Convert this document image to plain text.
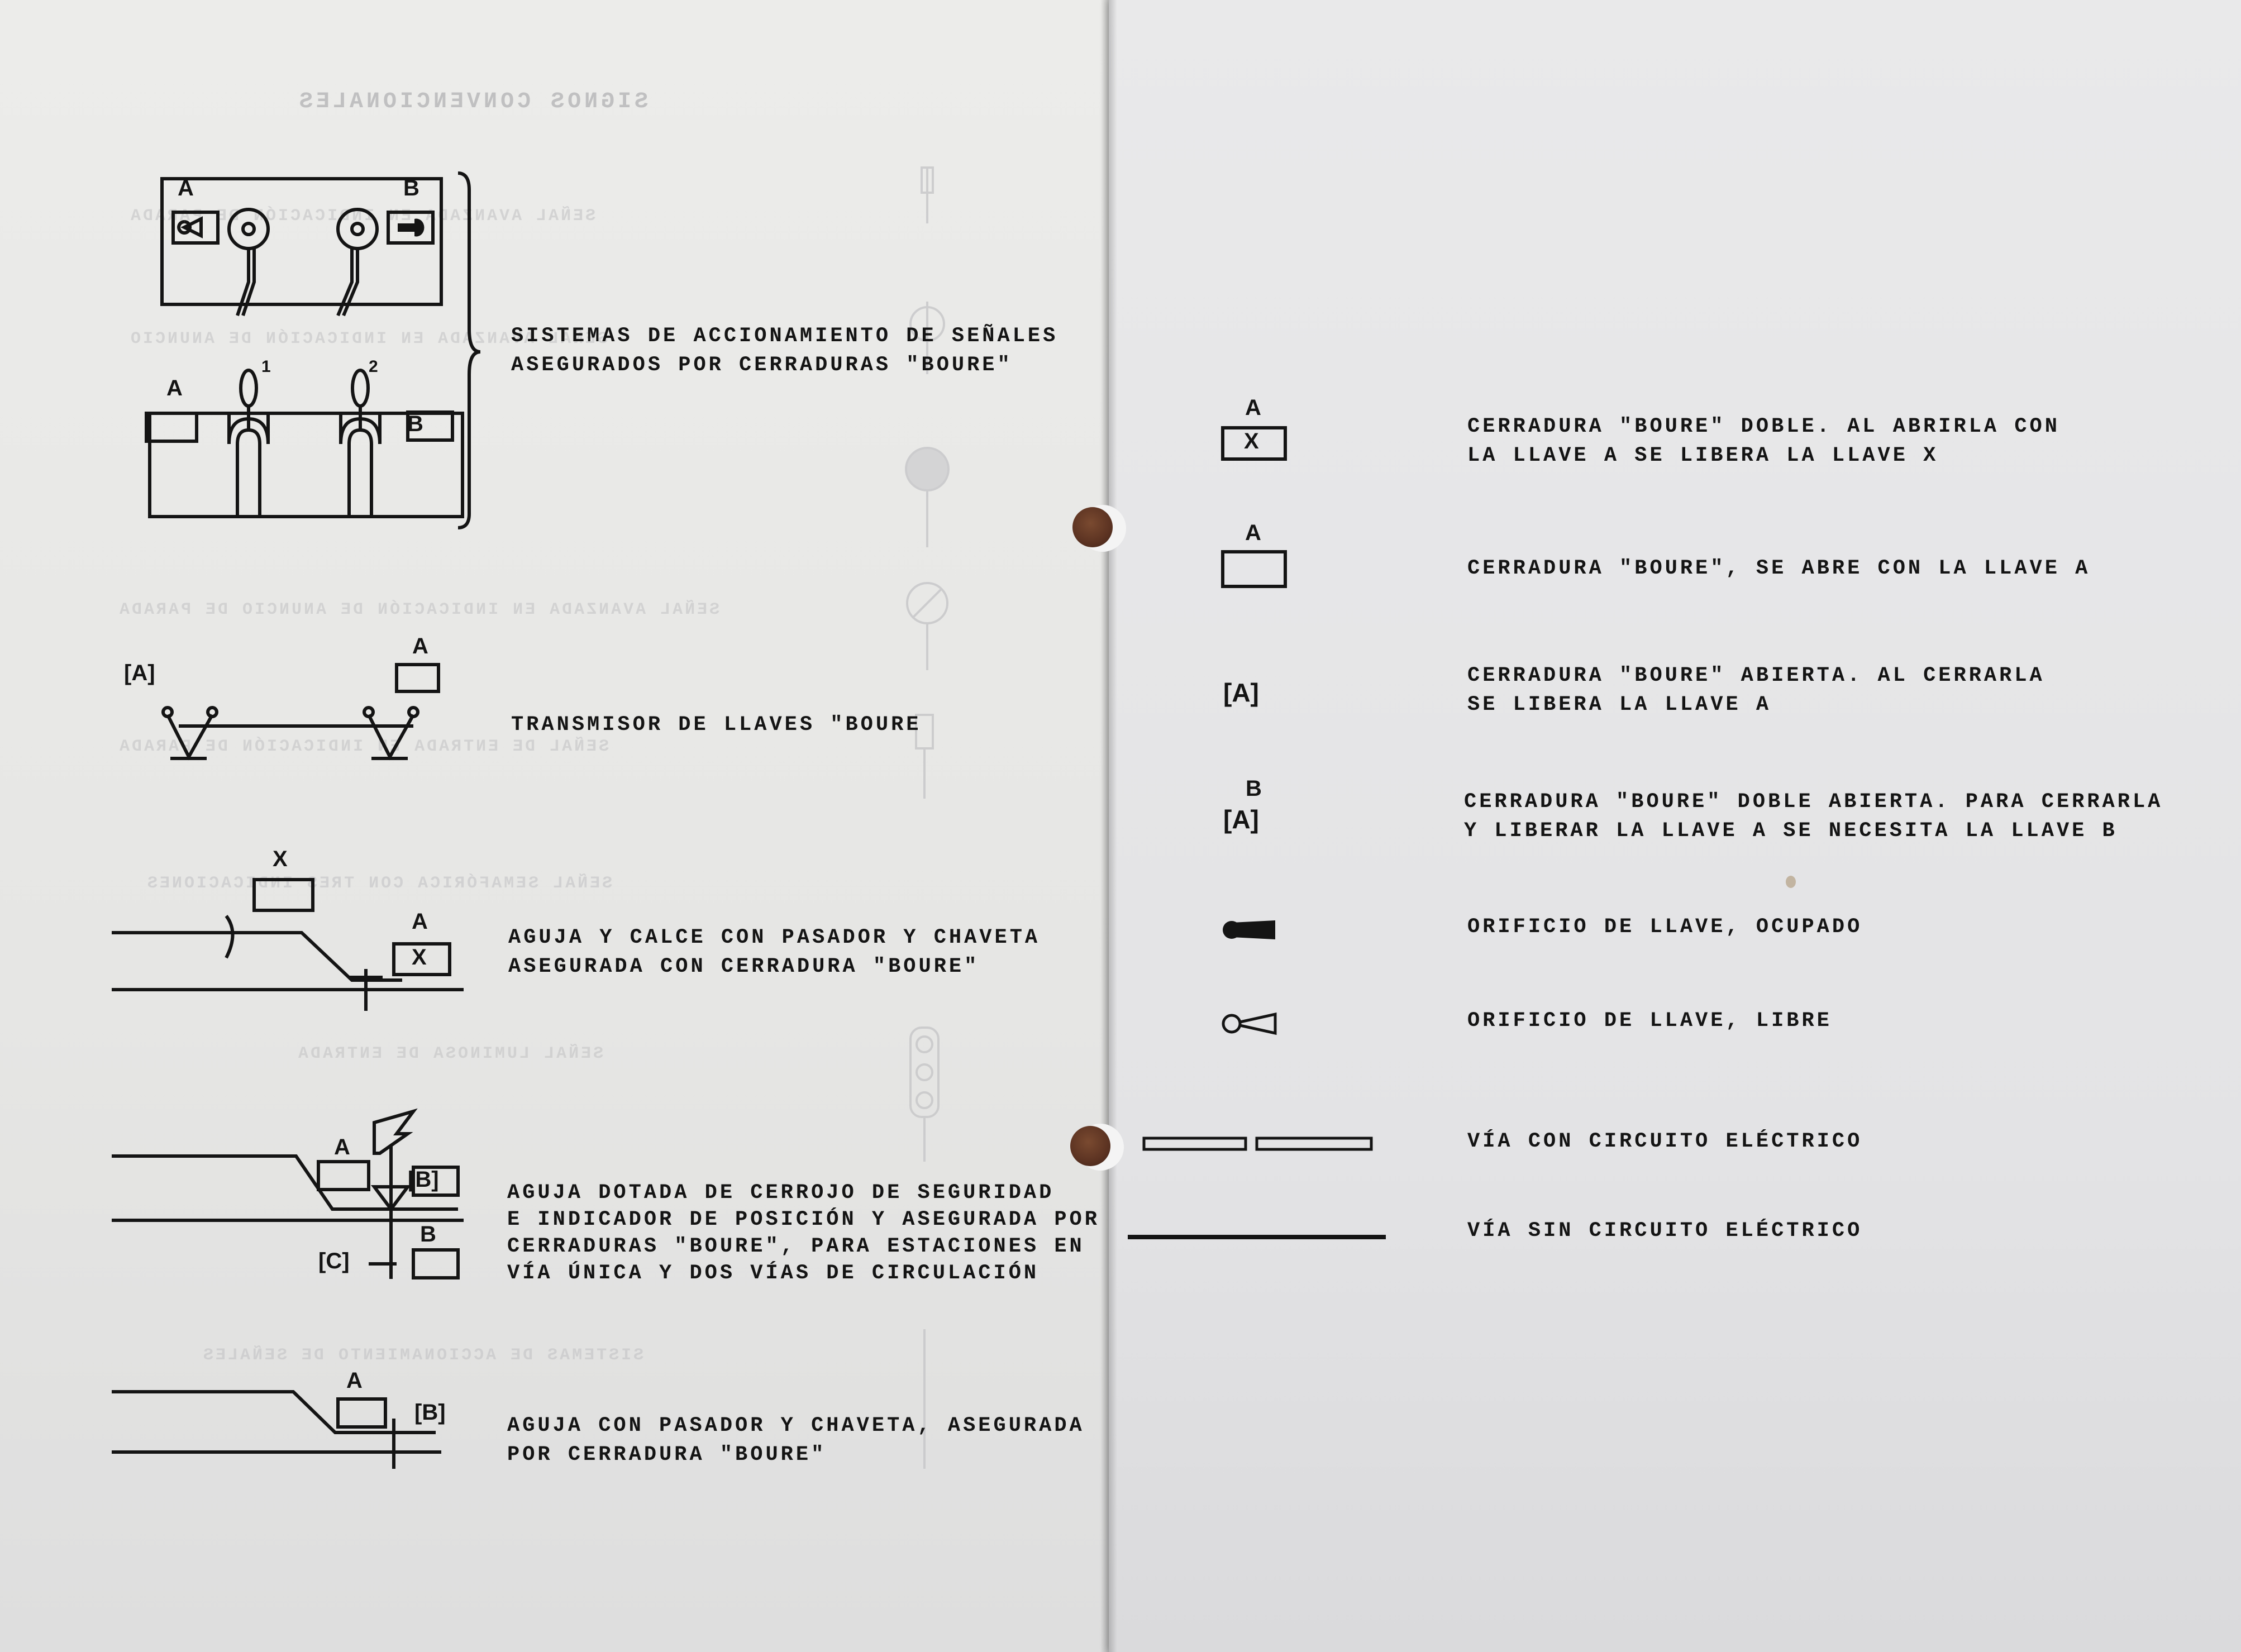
SIGNOS CONVENCIONALES
SEÑAL AVANZADA EN INDICACIÓN DE PARADA
SEÑAL AVANZADA EN INDICACIÓN DE ANUNCIO
SEÑAL AVANZADA EN INDICACIÓN DE ANUNCIO DE PARADA
SEÑAL DE ENTRADA EN INDICACIÓN DE PARADA
SEÑAL SEMAFÓRICA CON TRES INDICACIONES
SEÑAL LUMINOSA DE ENTRADA
SISTEMAS DE ACCIONAMIENTO DE SEÑALES
A	B
A
B
1	2
SISTEMAS DE ACCIONAMIENTO DE SEÑALES
ASEGURADOS POR CERRADURAS "BOURE"
[A]
A
TRANSMISOR DE LLAVES "BOURE
X
A
X
AGUJA Y CALCE CON PASADOR Y CHAVETA
ASEGURADA CON CERRADURA "BOURE"
A
[B]
B
[C]
AGUJA DOTADA DE CERROJO DE SEGURIDAD
E INDICADOR DE POSICIÓN Y ASEGURADA POR
CERRADURAS "BOURE", PARA ESTACIONES EN
VÍA ÚNICA Y DOS VÍAS DE CIRCULACIÓN
A
[B]
AGUJA CON PASADOR Y CHAVETA, ASEGURADA
POR CERRADURA "BOURE"
A
X
CERRADURA "BOURE" DOBLE. AL ABRIRLA CON
LA LLAVE A SE LIBERA LA LLAVE X
A
CERRADURA "BOURE", SE ABRE CON LA LLAVE A
[A]
CERRADURA "BOURE" ABIERTA. AL CERRARLA
SE LIBERA LA LLAVE A
B
[A]
CERRADURA "BOURE" DOBLE ABIERTA. PARA CERRARLA
Y LIBERAR LA LLAVE A SE NECESITA LA LLAVE B
ORIFICIO DE LLAVE, OCUPADO
ORIFICIO DE LLAVE, LIBRE
VÍA CON CIRCUITO ELÉCTRICO
VÍA SIN CIRCUITO ELÉCTRICO
